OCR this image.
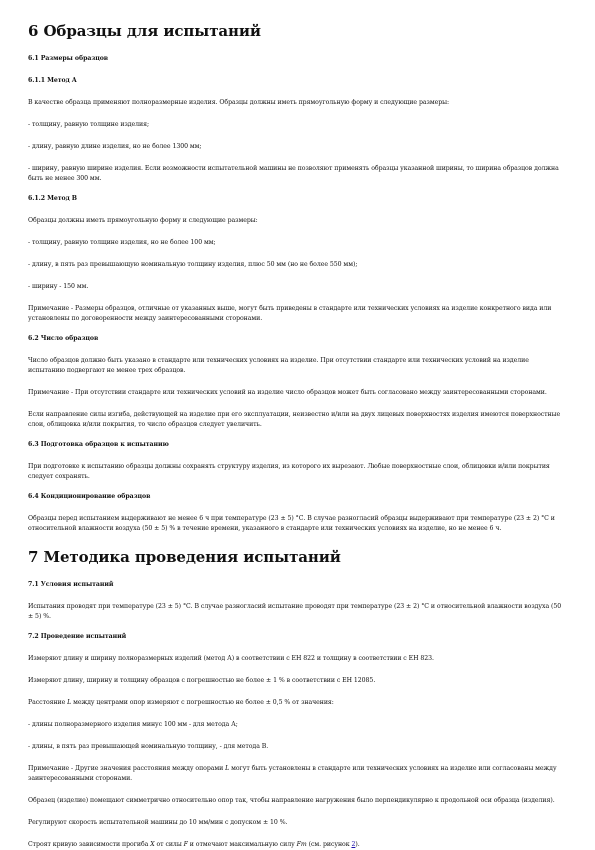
6 Образцы для испытаний

6.1 Размеры образцов

6.1.1 Метод А

В качестве образца применяют полноразмерные изделия. Образцы должны иметь прямоугольную форму и следующие размеры:

- толщину, равную толщине изделия;

- длину, равную длине изделия, но не более 1300 мм;

- ширину, равную ширине изделия. Если возможности испытательной машины не позволяют применять образцы указанной ширины, то ширина образцов должна быть не менее 300 мм.

6.1.2 Метод В

Образцы должны иметь прямоугольную форму и следующие размеры:

- толщину, равную толщине изделия, но не более 100 мм;

- длину, в пять раз превышающую номинальную толщину изделия, плюс 50 мм (но не более 550 мм);

- ширину - 150 мм.

Примечание - Размеры образцов, отличные от указанных выше, могут быть приведены в стандарте или технических условиях на изделие конкретного вида или установлены по договоренности между заинтересованными сторонами.

6.2 Число образцов

Число образцов должно быть указано в стандарте или технических условиях на изделие. При отсутствии стандарте или технических условий на изделие испытанию подвергают не менее трех образцов.

Примечание - При отсутствии стандарте или технических условий на изделие число образцов может быть согласовано между заинтересованными сторонами.

Если направление силы изгиба, действующей на изделие при его эксплуатации, неизвестно и/или на двух лицевых поверхностях изделия имеются поверхностные слои, облицовка и/или покрытия, то число образцов следует увеличить.

6.3 Подготовка образцов к испытанию

При подготовке к испытанию образцы должны сохранять структуру изделия, из которого их вырезают. Любые поверхностные слои, облицовки и/или покрытия следует сохранять.

6.4 Кондиционирование образцов

Образцы перед испытанием выдерживают не менее 6 ч при температуре (23 ± 5) °С. В случае разногласий образцы выдерживают при температуре (23 ± 2) °С и относительной влажности воздуха (50 ± 5) % в течение времени, указанного в стандарте или технических условиях на изделие, но не менее 6 ч.

7 Методика проведения испытаний

7.1 Условия испытаний

Испытания проводят при температуре (23 ± 5) °С. В случае разногласий испытание проводят при температуре (23 ± 2) °С и относительной влажности воздуха (50 ± 5) %.

7.2 Проведение испытаний

Измеряют длину и ширину полноразмерных изделий (метод А) в соответствии с ЕН 822 и толщину в соответствии с ЕН 823.

Измеряют длину, ширину и толщину образцов с погрешностью не более ± 1 % в соответствии с ЕН 12085.

Расстояние L между центрами опор измеряют с погрешностью не более ± 0,5 % от значения:

- длины полноразмерного изделия минус 100 мм - для метода А;

- длины, в пять раз превышающей номинальную толщину, - для метода В.

Примечание - Другие значения расстояния между опорами L могут быть установлены в стандарте или технических условиях на изделие или согласованы между заинтересованными сторонами.

Образец (изделие) помещают симметрично относительно опор так, чтобы направление нагружения было перпендикулярно к продольной оси образца (изделия).

Регулируют скорость испытательной машины до 10 мм/мин с допуском ± 10 %.

Строят кривую зависимости прогиба X от силы F и отмечают максимальную силу Fm (см. рисунок 2).
